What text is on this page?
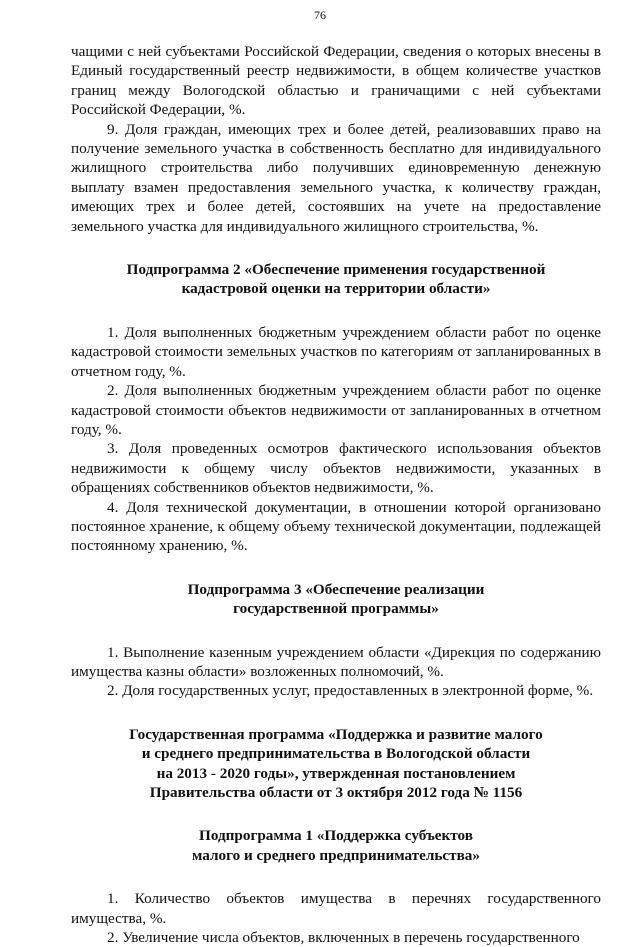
76

чащими с ней субъектами Российской Федерации, сведения о которых внесены в Единый государственный реестр недвижимости, в общем количестве участков границ между Вологодской областью и граничащими с ней субъектами Российской Федерации, %.

9. Доля граждан, имеющих трех и более детей, реализовавших право на получение земельного участка в собственность бесплатно для индивидуального жилищного строительства либо получивших единовременную денежную выплату взамен предоставления земельного участка, к количеству граждан, имеющих трех и более детей, состоявших на учете на предоставление земельного участка для индивидуального жилищного строительства, %.

Подпрограмма 2 «Обеспечение применения государственной
кадастровой оценки на территории области»

1. Доля выполненных бюджетным учреждением области работ по оценке кадастровой стоимости земельных участков по категориям от запланированных в отчетном году, %.

2. Доля выполненных бюджетным учреждением области работ по оценке кадастровой стоимости объектов недвижимости от запланированных в отчетном году, %.

3. Доля проведенных осмотров фактического использования объектов недвижимости к общему числу объектов недвижимости, указанных в обращениях собственников объектов недвижимости, %.

4. Доля технической документации, в отношении которой организовано постоянное хранение, к общему объему технической документации, подлежащей постоянному хранению, %.

Подпрограмма 3 «Обеспечение реализации
государственной программы»

1. Выполнение казенным учреждением области «Дирекция по содержанию имущества казны области» возложенных полномочий, %.

2. Доля государственных услуг, предоставленных в электронной форме, %.

Государственная программа «Поддержка и развитие малого
и среднего предпринимательства в Вологодской области
на 2013 - 2020 годы», утвержденная постановлением
Правительства области от 3 октября 2012 года № 1156
Подпрограмма 1 «Поддержка субъектов
малого и среднего предпринимательства»

1. Количество объектов имущества в перечнях государственного имущества, %.

2. Увеличение числа объектов, включенных в перечень государственного
